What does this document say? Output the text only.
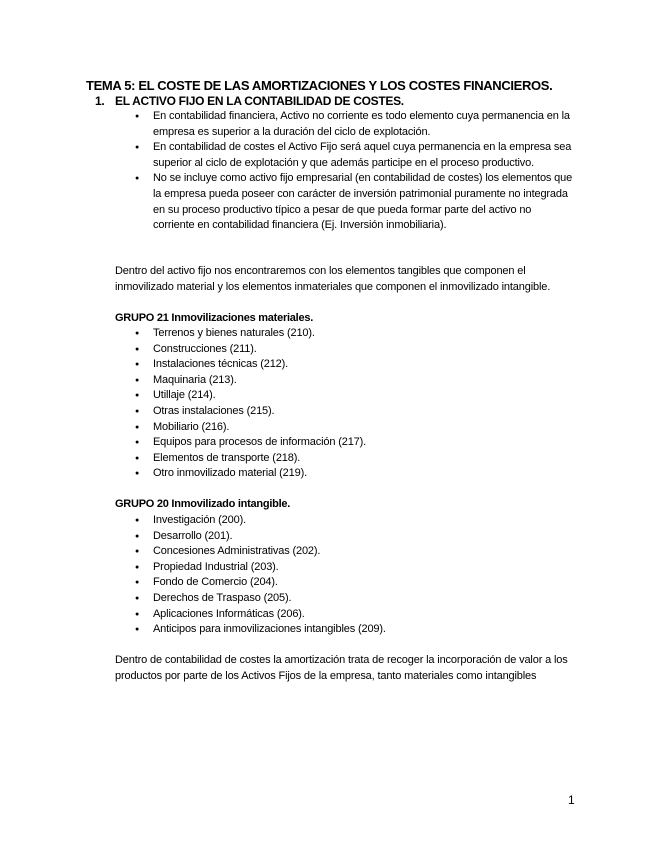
TEMA 5: EL COSTE DE LAS AMORTIZACIONES Y LOS COSTES FINANCIEROS.
1. EL ACTIVO FIJO EN LA CONTABILIDAD DE COSTES.
● En contabilidad financiera, Activo no corriente es todo elemento cuya permanencia en la empresa es superior a la duración del ciclo de explotación.
● En contabilidad de costes el Activo Fijo será aquel cuya permanencia en la empresa sea superior al ciclo de explotación y que además participe en el proceso productivo.
● No se incluye como activo fijo empresarial (en contabilidad de costes) los elementos que la empresa pueda poseer con carácter de inversión patrimonial puramente no integrada en su proceso productivo típico a pesar de que pueda formar parte del activo no corriente en contabilidad financiera (Ej. Inversión inmobiliaria).
Dentro del activo fijo nos encontraremos con los elementos tangibles que componen el inmovilizado material y los elementos inmateriales que componen el inmovilizado intangible.
GRUPO 21 Inmovilizaciones materiales.
● Terrenos y bienes naturales (210).
● Construcciones (211).
● Instalaciones técnicas (212).
● Maquinaria (213).
● Utillaje (214).
● Otras instalaciones (215).
● Mobiliario (216).
● Equipos para procesos de información (217).
● Elementos de transporte (218).
● Otro inmovilizado material (219).
GRUPO 20 Inmovilizado intangible.
● Investigación (200).
● Desarrollo (201).
● Concesiones Administrativas (202).
● Propiedad Industrial (203).
● Fondo de Comercio (204).
● Derechos de Traspaso (205).
● Aplicaciones Informáticas (206).
● Anticipos para inmovilizaciones intangibles (209).
Dentro de contabilidad de costes la amortización trata de recoger la incorporación de valor a los productos por parte de los Activos Fijos de la empresa, tanto materiales como intangibles
1
